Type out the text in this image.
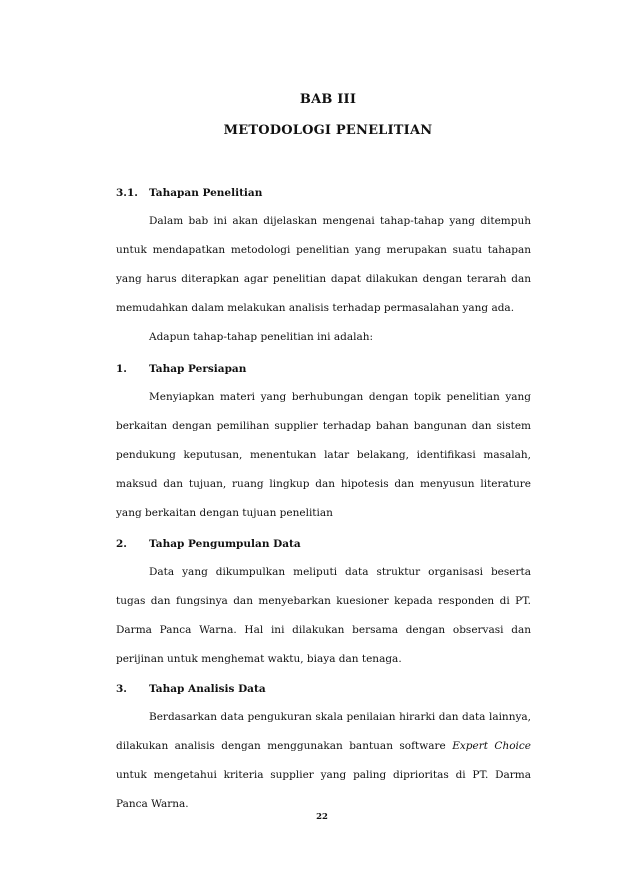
BAB III
METODOLOGI PENELITIAN
3.1. Tahapan Penelitian

Dalam bab ini akan dijelaskan mengenai tahap-tahap yang ditempuh untuk mendapatkan metodologi penelitian yang merupakan suatu tahapan yang harus diterapkan agar penelitian dapat dilakukan dengan terarah dan memudahkan dalam melakukan analisis terhadap permasalahan yang ada.

Adapun tahap-tahap penelitian ini adalah:

1. Tahap Persiapan

Menyiapkan materi yang berhubungan dengan topik penelitian yang berkaitan dengan pemilihan supplier terhadap bahan bangunan dan sistem pendukung keputusan, menentukan latar belakang, identifikasi masalah, maksud dan tujuan, ruang lingkup dan hipotesis dan menyusun literature yang berkaitan dengan tujuan penelitian

2. Tahap Pengumpulan Data

Data yang dikumpulkan meliputi data struktur organisasi beserta tugas dan fungsinya dan menyebarkan kuesioner kepada responden di PT. Darma Panca Warna. Hal ini dilakukan bersama dengan observasi dan perijinan untuk menghemat waktu, biaya dan tenaga.

3. Tahap Analisis Data

Berdasarkan data pengukuran skala penilaian hirarki dan data lainnya, dilakukan analisis dengan menggunakan bantuan software Expert Choice untuk mengetahui kriteria supplier yang paling diprioritas di PT. Darma Panca Warna.

22
